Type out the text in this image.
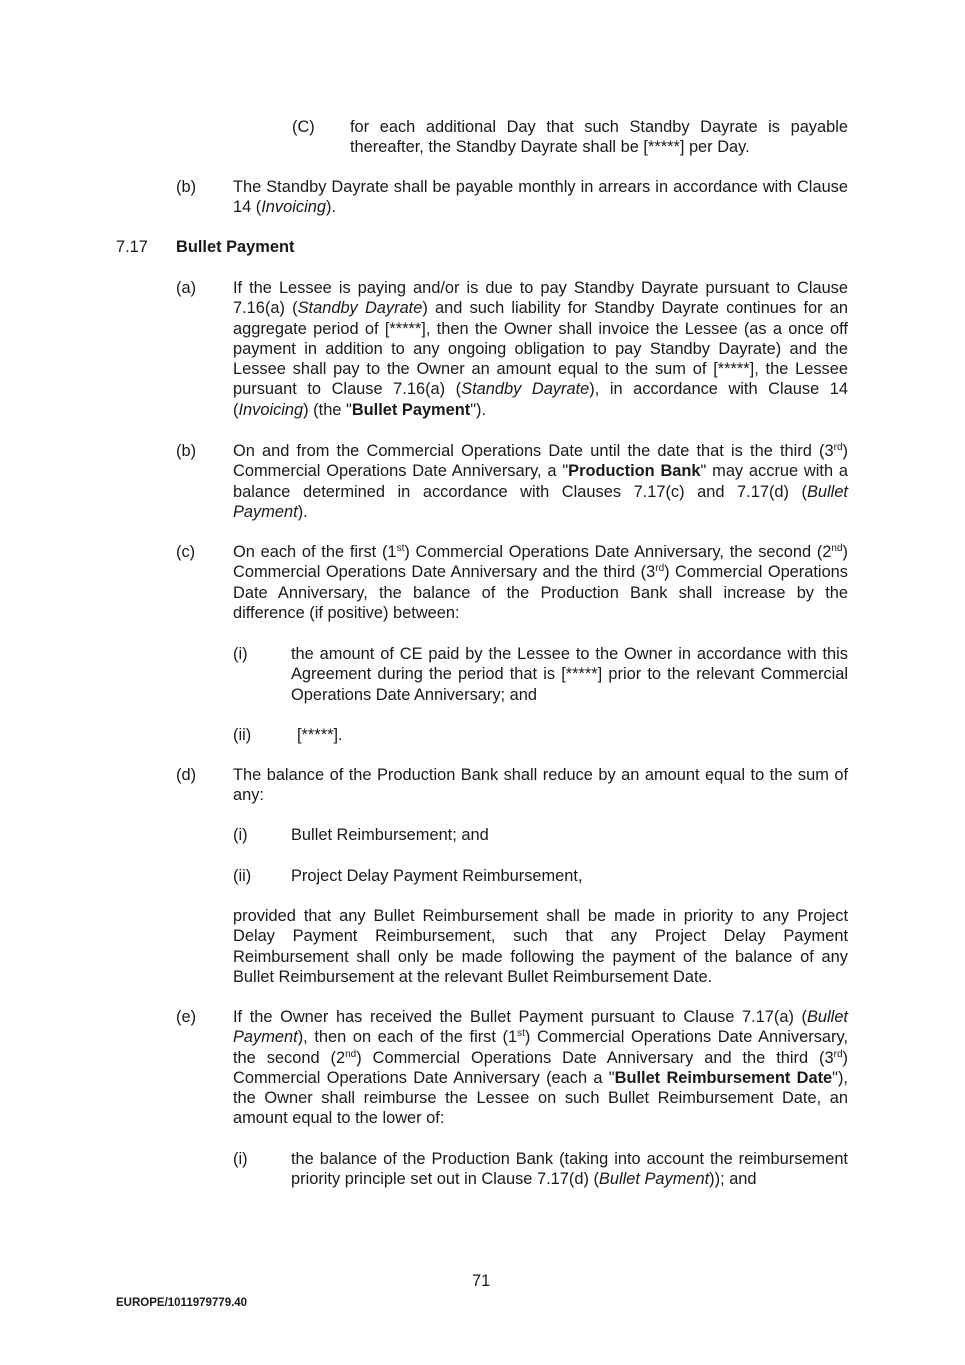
(C) for each additional Day that such Standby Dayrate is payable thereafter, the Standby Dayrate shall be [*****] per Day.
(b) The Standby Dayrate shall be payable monthly in arrears in accordance with Clause 14 (Invoicing).
7.17 Bullet Payment
(a) If the Lessee is paying and/or is due to pay Standby Dayrate pursuant to Clause 7.16(a) (Standby Dayrate) and such liability for Standby Dayrate continues for an aggregate period of [*****], then the Owner shall invoice the Lessee (as a once off payment in addition to any ongoing obligation to pay Standby Dayrate) and the Lessee shall pay to the Owner an amount equal to the sum of [*****], the Lessee pursuant to Clause 7.16(a) (Standby Dayrate), in accordance with Clause 14 (Invoicing) (the "Bullet Payment").
(b) On and from the Commercial Operations Date until the date that is the third (3rd) Commercial Operations Date Anniversary, a "Production Bank" may accrue with a balance determined in accordance with Clauses 7.17(c) and 7.17(d) (Bullet Payment).
(c) On each of the first (1st) Commercial Operations Date Anniversary, the second (2nd) Commercial Operations Date Anniversary and the third (3rd) Commercial Operations Date Anniversary, the balance of the Production Bank shall increase by the difference (if positive) between:
(i)	the amount of CE paid by the Lessee to the Owner in accordance with this Agreement during the period that is [*****] prior to the relevant Commercial Operations Date Anniversary; and
(ii)	[*****].
(d) The balance of the Production Bank shall reduce by an amount equal to the sum of any:
(i)	Bullet Reimbursement; and
(ii) Project Delay Payment Reimbursement,
provided that any Bullet Reimbursement shall be made in priority to any Project Delay Payment Reimbursement, such that any Project Delay Payment Reimbursement shall only be made following the payment of the balance of any Bullet Reimbursement at the relevant Bullet Reimbursement Date.
(e) If the Owner has received the Bullet Payment pursuant to Clause 7.17(a) (Bullet Payment), then on each of the first (1st) Commercial Operations Date Anniversary, the second (2nd) Commercial Operations Date Anniversary and the third (3rd) Commercial Operations Date Anniversary (each a "Bullet Reimbursement Date"), the Owner shall reimburse the Lessee on such Bullet Reimbursement Date, an amount equal to the lower of:
(i)	the balance of the Production Bank (taking into account the reimbursement priority principle set out in Clause 7.17(d) (Bullet Payment)); and
71
EUROPE/1011979779.40
